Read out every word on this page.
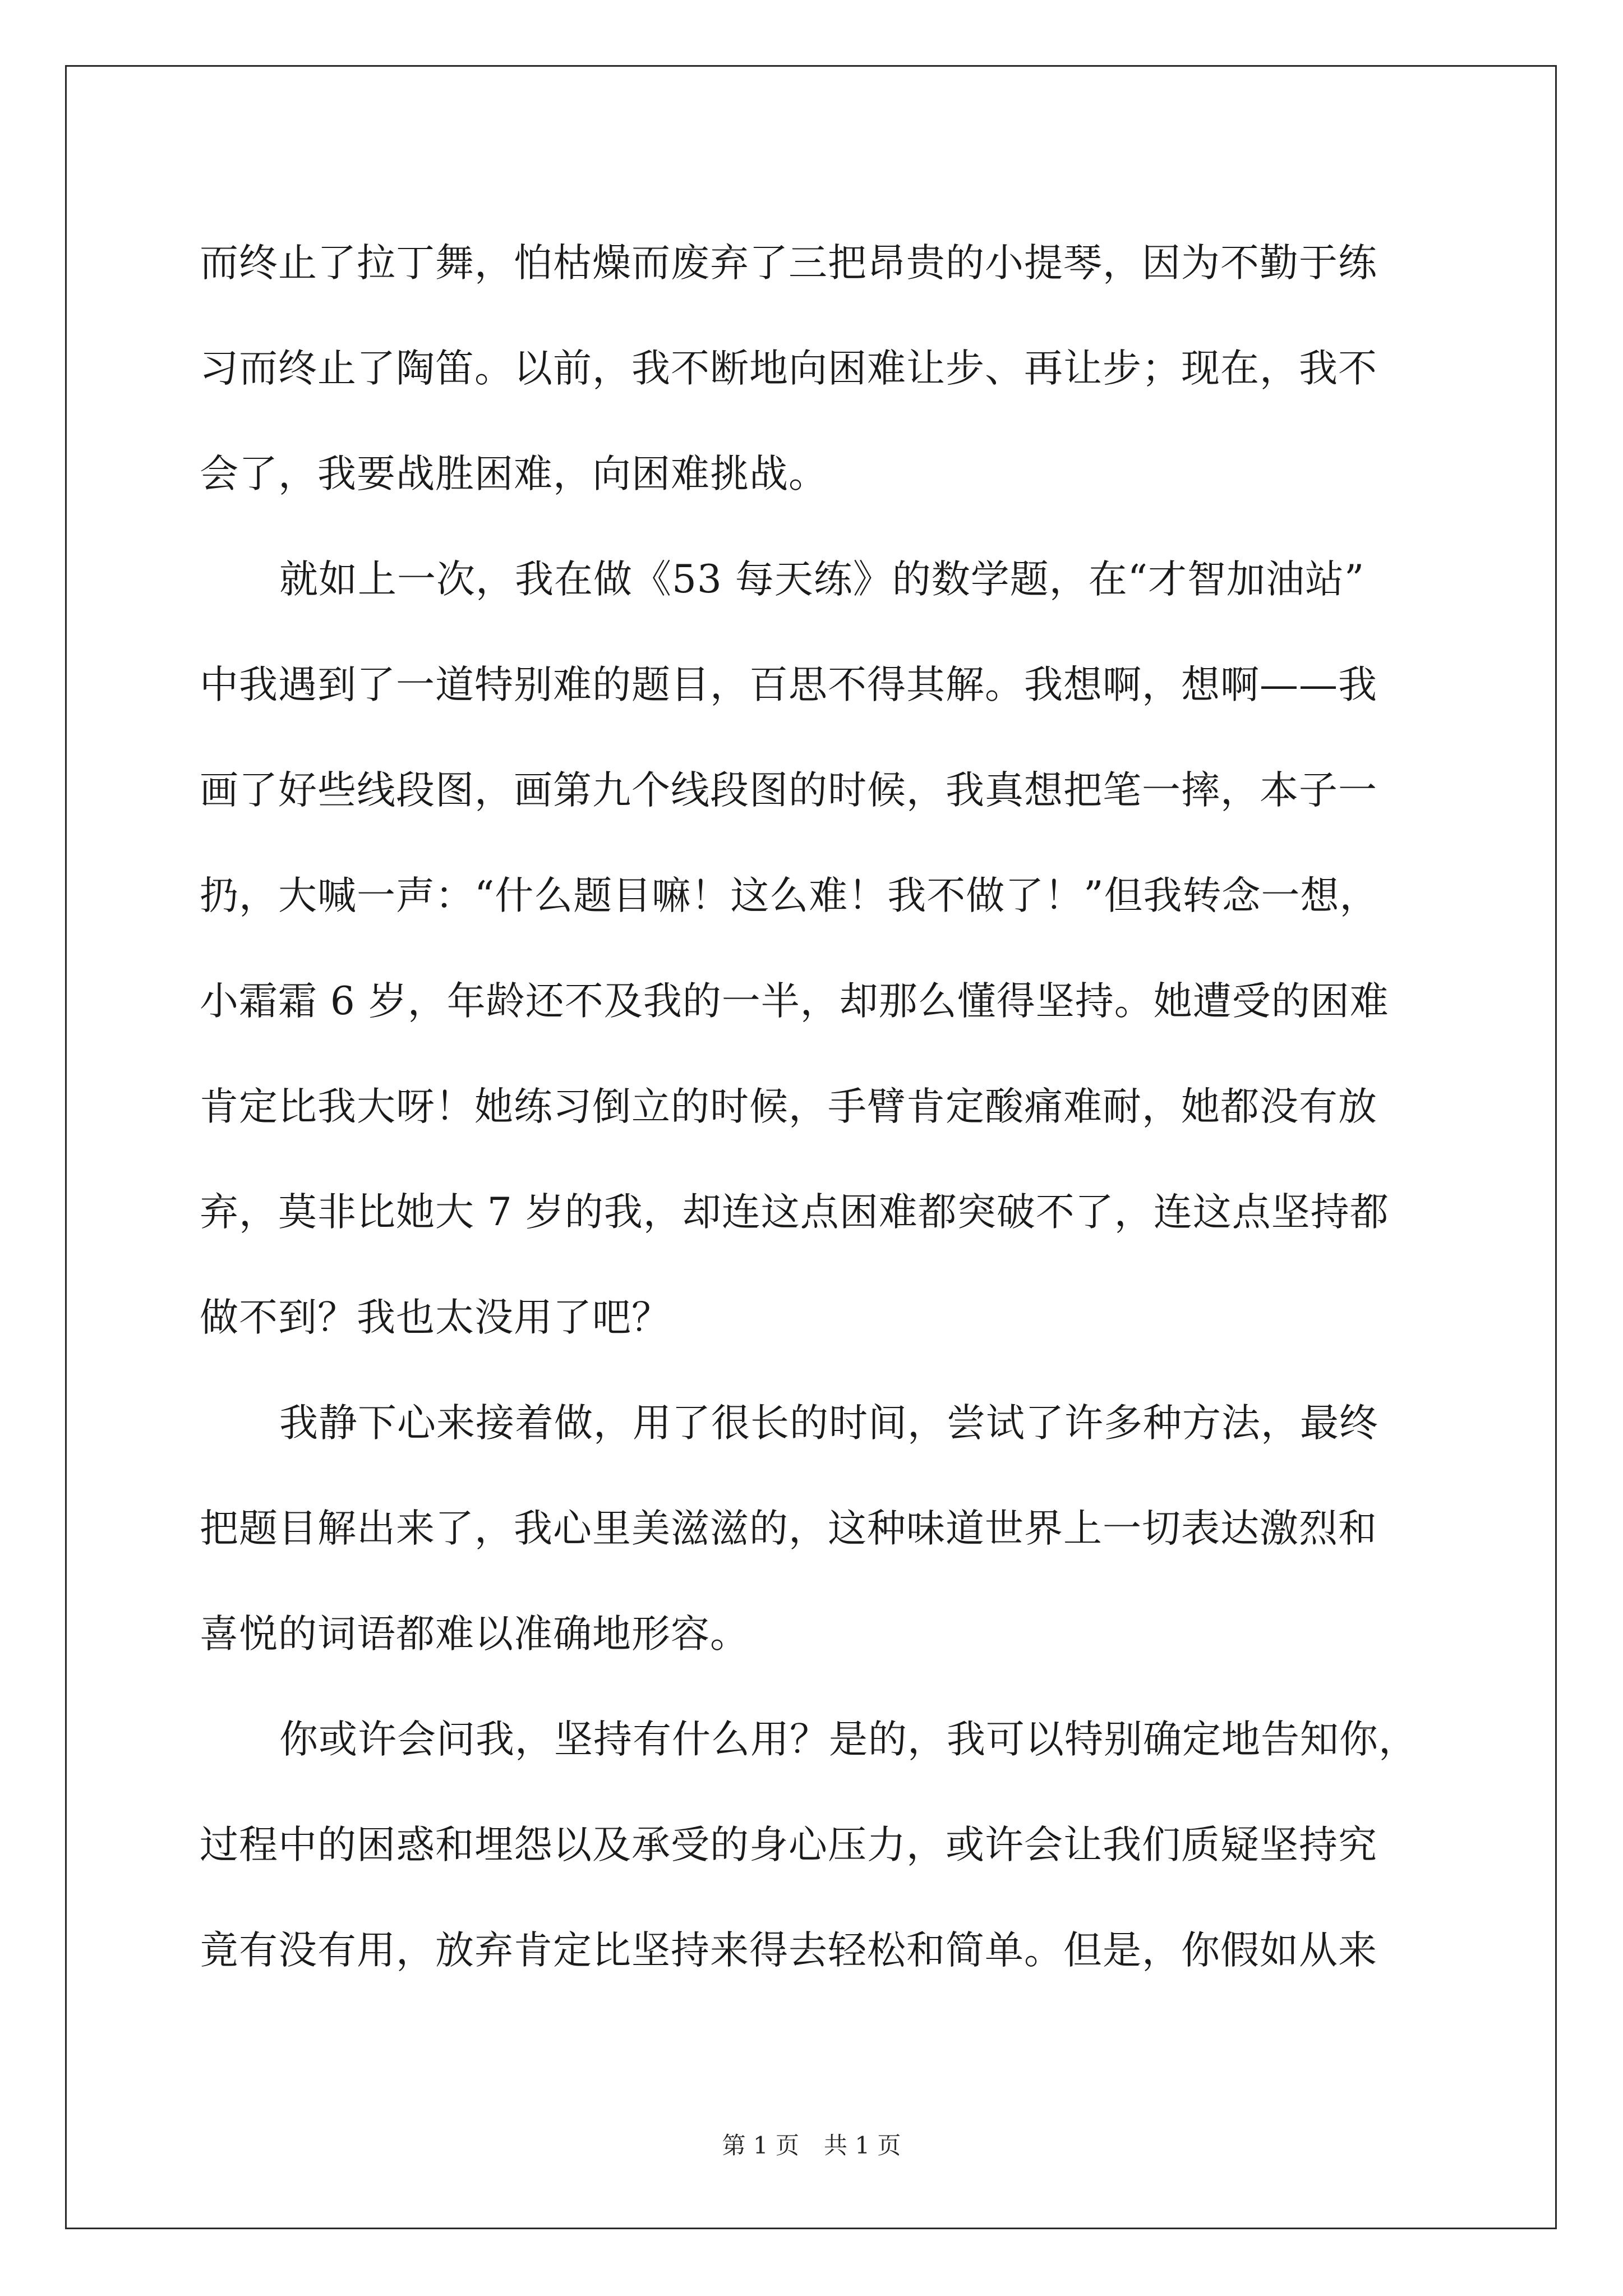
而终止了拉丁舞，怕枯燥而废弃了三把昂贵的小提琴，因为不勤于练
习而终止了陶笛。以前，我不断地向困难让步、再让步；现在，我不
会了，我要战胜困难，向困难挑战。
就如上一次，我在做《53 每天练》的数学题，在“才智加油站”
中我遇到了一道特别难的题目，百思不得其解。我想啊，想啊——我
画了好些线段图，画第九个线段图的时候，我真想把笔一摔，本子一
扔，大喊一声：“什么题目嘛！这么难！我不做了！”但我转念一想，
小霜霜 6 岁，年龄还不及我的一半，却那么懂得坚持。她遭受的困难
肯定比我大呀！她练习倒立的时候，手臂肯定酸痛难耐，她都没有放
弃，莫非比她大 7 岁的我，却连这点困难都突破不了，连这点坚持都
做不到？我也太没用了吧？
我静下心来接着做，用了很长的时间，尝试了许多种方法，最终
把题目解出来了，我心里美滋滋的，这种味道世界上一切表达激烈和
喜悦的词语都难以准确地形容。
你或许会问我，坚持有什么用？是的，我可以特别确定地告知你，
过程中的困惑和埋怨以及承受的身心压力，或许会让我们质疑坚持究
竟有没有用，放弃肯定比坚持来得去轻松和简单。但是，你假如从来
第 1 页 共 1 页
